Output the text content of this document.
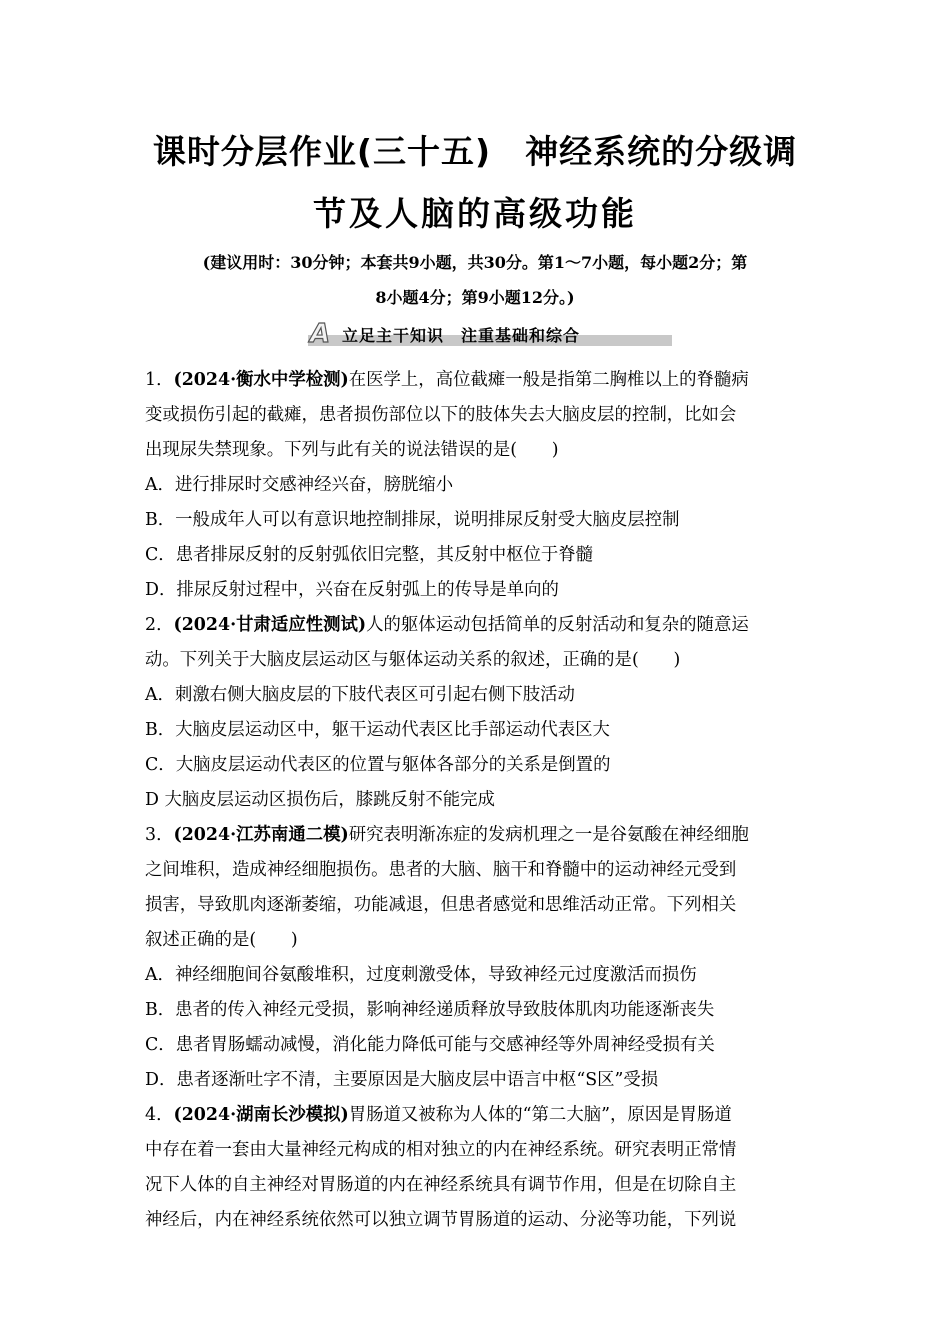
课时分层作业(三十五)　神经系统的分级调
节及人脑的高级功能
(建议用时：30分钟；本套共9小题，共30分。第1～7小题，每小题2分；第
8小题4分；第9小题12分。)
A 立足主干知识　注重基础和综合
1．(2024·衡水中学检测)在医学上，高位截瘫一般是指第二胸椎以上的脊髓病
变或损伤引起的截瘫，患者损伤部位以下的肢体失去大脑皮层的控制，比如会
出现尿失禁现象。下列与此有关的说法错误的是(　　)
A．进行排尿时交感神经兴奋，膀胱缩小
B．一般成年人可以有意识地控制排尿，说明排尿反射受大脑皮层控制
C．患者排尿反射的反射弧依旧完整，其反射中枢位于脊髓
D．排尿反射过程中，兴奋在反射弧上的传导是单向的
2．(2024·甘肃适应性测试)人的躯体运动包括简单的反射活动和复杂的随意运
动。下列关于大脑皮层运动区与躯体运动关系的叙述，正确的是(　　)
A．刺激右侧大脑皮层的下肢代表区可引起右侧下肢活动
B．大脑皮层运动区中，躯干运动代表区比手部运动代表区大
C．大脑皮层运动代表区的位置与躯体各部分的关系是倒置的
D 大脑皮层运动区损伤后，膝跳反射不能完成
3．(2024·江苏南通二模)研究表明渐冻症的发病机理之一是谷氨酸在神经细胞
之间堆积，造成神经细胞损伤。患者的大脑、脑干和脊髓中的运动神经元受到
损害，导致肌肉逐渐萎缩，功能减退，但患者感觉和思维活动正常。下列相关
叙述正确的是(　　)
A．神经细胞间谷氨酸堆积，过度刺激受体，导致神经元过度激活而损伤
B．患者的传入神经元受损，影响神经递质释放导致肢体肌肉功能逐渐丧失
C．患者胃肠蠕动减慢，消化能力降低可能与交感神经等外周神经受损有关
D．患者逐渐吐字不清，主要原因是大脑皮层中语言中枢“S区”受损
4．(2024·湖南长沙模拟)胃肠道又被称为人体的“第二大脑”，原因是胃肠道
中存在着一套由大量神经元构成的相对独立的内在神经系统。研究表明正常情
况下人体的自主神经对胃肠道的内在神经系统具有调节作用，但是在切除自主
神经后，内在神经系统依然可以独立调节胃肠道的运动、分泌等功能，下列说
